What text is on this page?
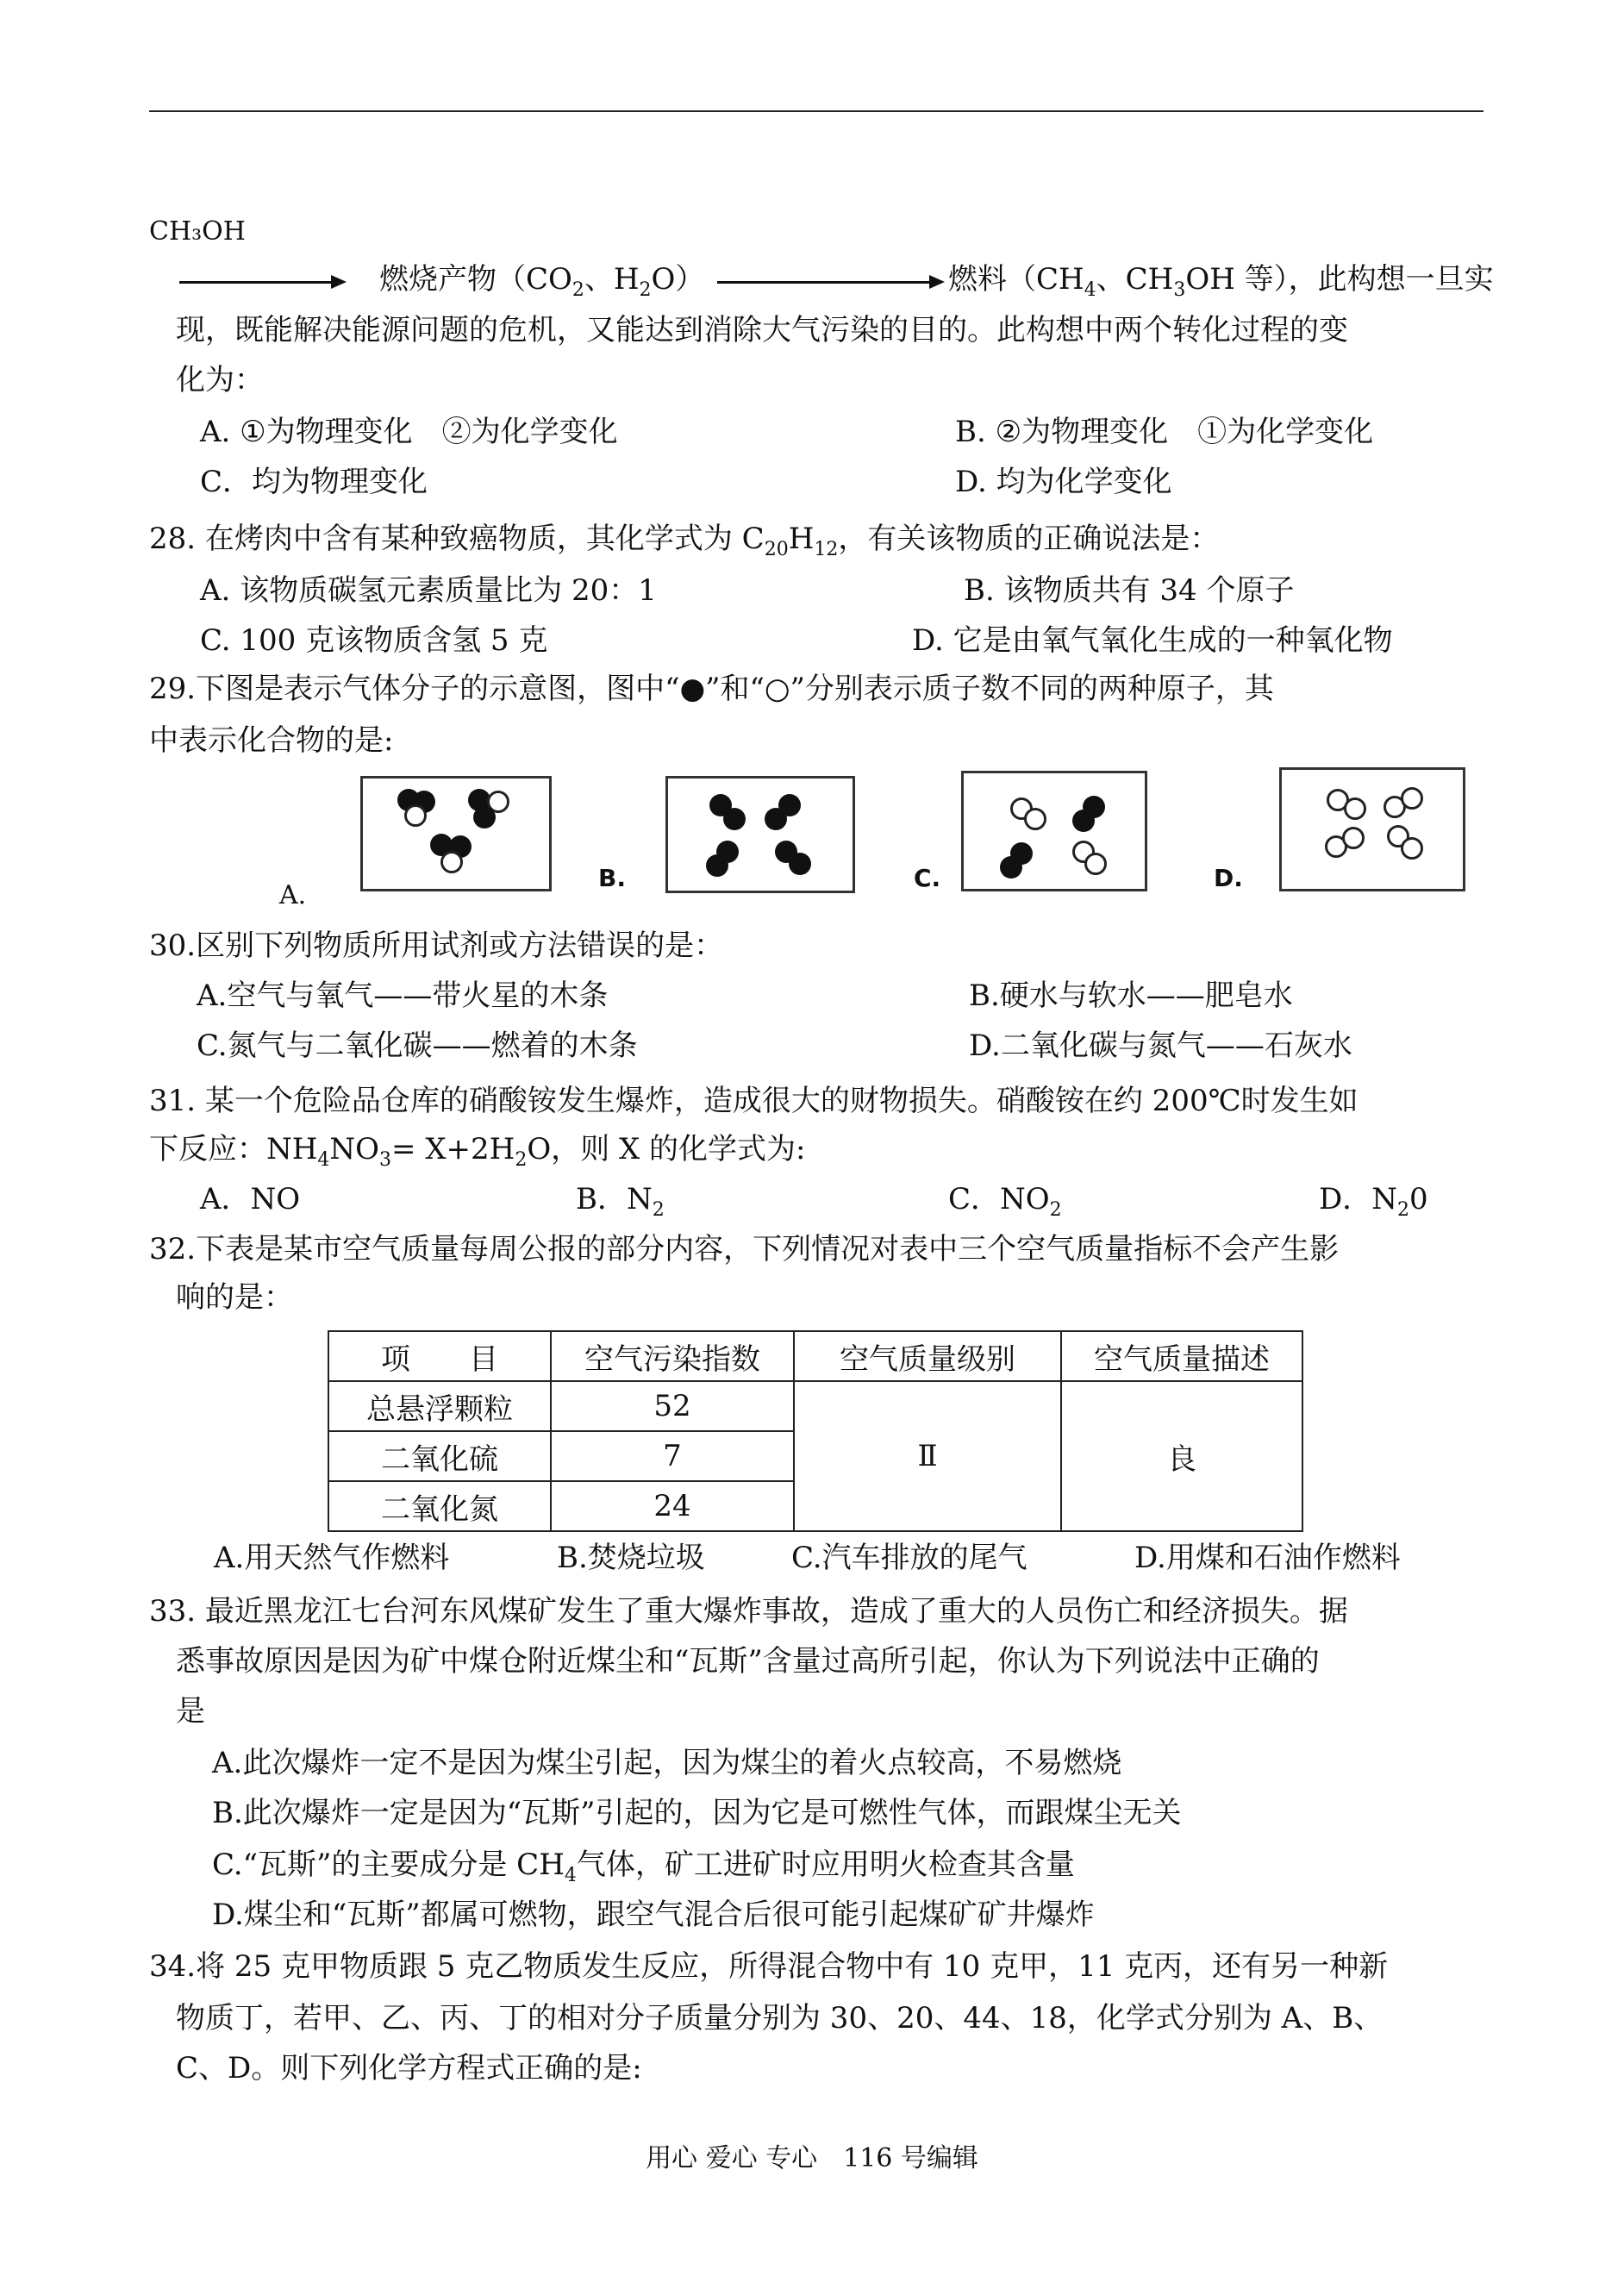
CH₃OH
燃烧产物（$CO_2$、$H_2O$）	燃料（$CH_4$、$CH_3OH$ 等），此构想一旦实
现，既能解决能源问题的危机，又能达到消除大气污染的目的。此构想中两个转化过程的变
化为：
A. ①为物理变化　②为化学变化	B. ②为物理变化　①为化学变化
C．均为物理变化	D. 均为化学变化
28. 在烤肉中含有某种致癌物质，其化学式为 $C_{20}H_{12}$，有关该物质的正确说法是：
A. 该物质碳氢元素质量比为 20：1	B. 该物质共有 34 个原子
C. 100 克该物质含氢 5 克	D. 它是由氧气氧化生成的一种氧化物
29.下图是表示气体分子的示意图，图中“●”和“○”分别表示质子数不同的两种原子，其
中表示化合物的是:
A.
B.	C.	D.
30.区别下列物质所用试剂或方法错误的是：
A.空气与氧气——带火星的木条	B.硬水与软水——肥皂水
C.氮气与二氧化碳——燃着的木条	D.二氧化碳与氮气——石灰水
31. 某一个危险品仓库的硝酸铵发生爆炸，造成很大的财物损失。硝酸铵在约 200℃时发生如
下反应：$NH_4NO_3= X+2H_2O$，则 X 的化学式为:
A．NO	B．$N_2$	C．$NO_2$	D．$N_20$
32.下表是某市空气质量每周公报的部分内容，下列情况对表中三个空气质量指标不会产生影
响的是：
项　　目	空气污染指数	空气质量级别	空气质量描述
总悬浮颗粒	52	Ⅱ	良
二氧化硫	7		
二氧化氮	24		
A.用天然气作燃料	B.焚烧垃圾	C.汽车排放的尾气	D.用煤和石油作燃料
33. 最近黑龙江七台河东风煤矿发生了重大爆炸事故，造成了重大的人员伤亡和经济损失。据
悉事故原因是因为矿中煤仓附近煤尘和“瓦斯”含量过高所引起，你认为下列说法中正确的
是
A.此次爆炸一定不是因为煤尘引起，因为煤尘的着火点较高，不易燃烧
B.此次爆炸一定是因为“瓦斯”引起的，因为它是可燃性气体，而跟煤尘无关
C.“瓦斯”的主要成分是 $CH_4$气体，矿工进矿时应用明火检查其含量
D.煤尘和“瓦斯”都属可燃物，跟空气混合后很可能引起煤矿矿井爆炸
34.将 25 克甲物质跟 5 克乙物质发生反应，所得混合物中有 10 克甲，11 克丙，还有另一种新
物质丁，若甲、乙、丙、丁的相对分子质量分别为 30、20、44、18，化学式分别为 A、B、
C、D。则下列化学方程式正确的是:
用心 爱心 专心　116 号编辑
